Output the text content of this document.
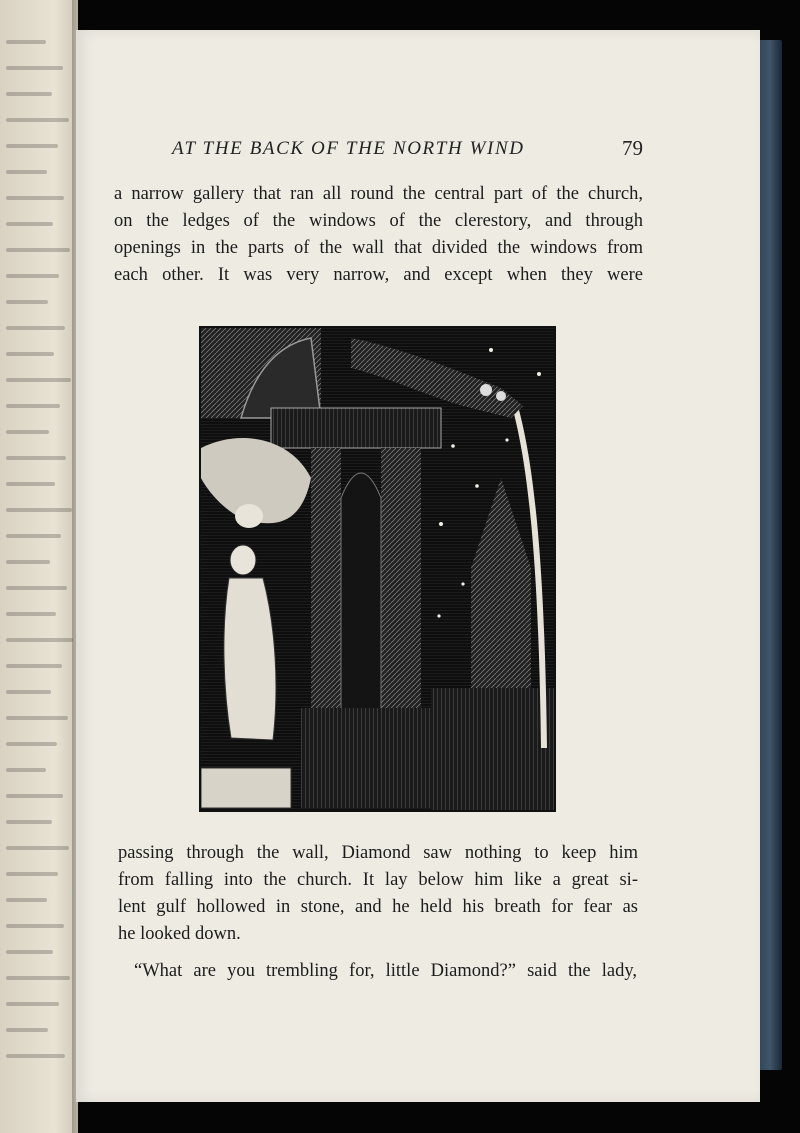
AT THE BACK OF THE NORTH WIND	79
a narrow gallery that ran all round the central part of the church,
on the ledges of the windows of the clerestory, and through
openings in the parts of the wall that divided the windows from
each other. It was very narrow, and except when they were
passing through the wall, Diamond saw nothing to keep him
from falling into the church. It lay below him like a great si-
lent gulf hollowed in stone, and he held his breath for fear as
he looked down.
“What are you trembling for, little Diamond?” said the lady,
